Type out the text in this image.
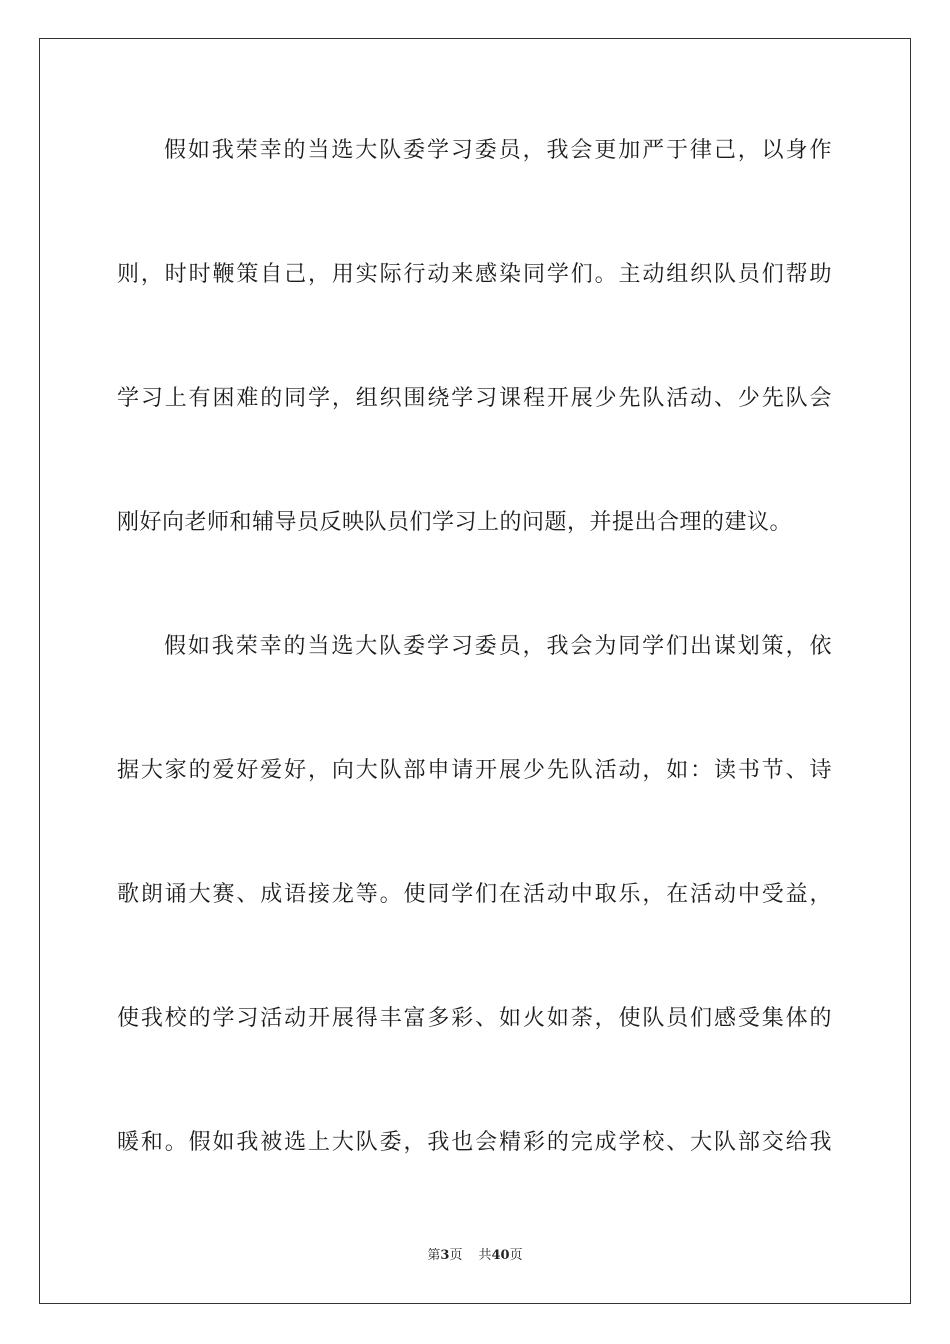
假如我荣幸的当选大队委学习委员，我会更加严于律己，以身作
则，时时鞭策自己，用实际行动来感染同学们。主动组织队员们帮助
学习上有困难的同学，组织围绕学习课程开展少先队活动、少先队会
刚好向老师和辅导员反映队员们学习上的问题，并提出合理的建议。
假如我荣幸的当选大队委学习委员，我会为同学们出谋划策，依
据大家的爱好爱好，向大队部申请开展少先队活动，如：读书节、诗
歌朗诵大赛、成语接龙等。使同学们在活动中取乐，在活动中受益，
使我校的学习活动开展得丰富多彩、如火如荼，使队员们感受集体的
暖和。假如我被选上大队委，我也会精彩的完成学校、大队部交给我
第3页 共40页
